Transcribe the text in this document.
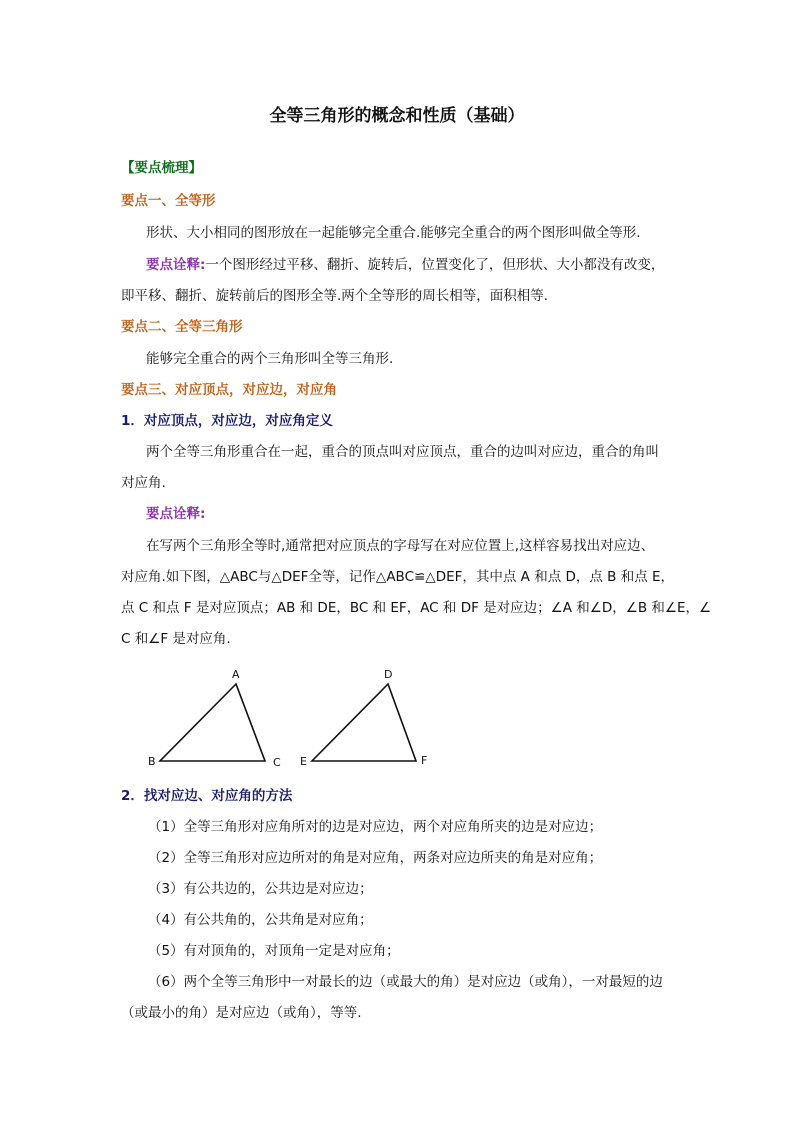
全等三角形的概念和性质（基础）
【要点梳理】
要点一、全等形
形状、大小相同的图形放在一起能够完全重合.能够完全重合的两个图形叫做全等形.
要点诠释:一个图形经过平移、翻折、旋转后，位置变化了，但形状、大小都没有改变，
即平移、翻折、旋转前后的图形全等.两个全等形的周长相等，面积相等.
要点二、全等三角形
能够完全重合的两个三角形叫全等三角形.
要点三、对应顶点，对应边，对应角
1．对应顶点，对应边，对应角定义
两个全等三角形重合在一起，重合的顶点叫对应顶点，重合的边叫对应边，重合的角叫
对应角.
要点诠释:
在写两个三角形全等时,通常把对应顶点的字母写在对应位置上,这样容易找出对应边、
对应角.如下图，△ABC与△DEF全等，记作△ABC≌△DEF，其中点 A 和点 D，点 B 和点 E，
点 C 和点 F 是对应顶点；AB 和 DE，BC 和 EF，AC 和 DF 是对应边；∠A 和∠D，∠B 和∠E，∠
C 和∠F 是对应角.
A
B	C
D
E	F
2．找对应边、对应角的方法
（1）全等三角形对应角所对的边是对应边，两个对应角所夹的边是对应边；
（2）全等三角形对应边所对的角是对应角，两条对应边所夹的角是对应角；
（3）有公共边的，公共边是对应边；
（4）有公共角的，公共角是对应角；
（5）有对顶角的，对顶角一定是对应角；
（6）两个全等三角形中一对最长的边（或最大的角）是对应边（或角），一对最短的边
（或最小的角）是对应边（或角），等等.
